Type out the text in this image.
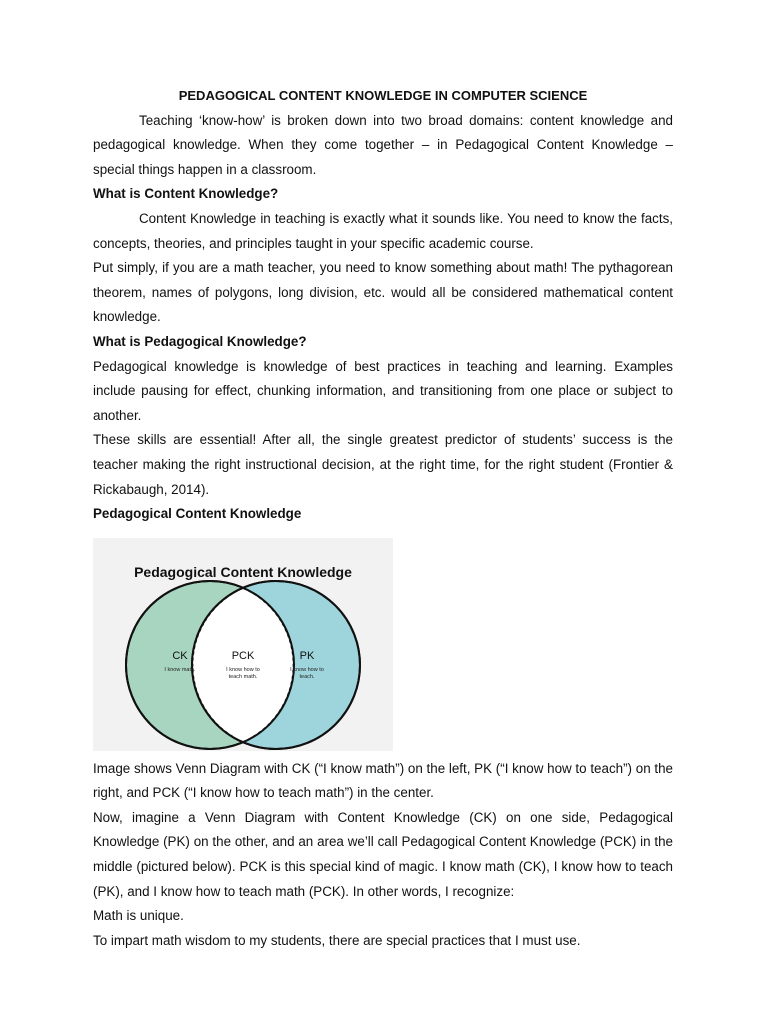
PEDAGOGICAL CONTENT KNOWLEDGE IN COMPUTER SCIENCE

Teaching ‘know-how’ is broken down into two broad domains: content knowledge and pedagogical knowledge. When they come together – in Pedagogical Content Knowledge – special things happen in a classroom.

What is Content Knowledge?

Content Knowledge in teaching is exactly what it sounds like. You need to know the facts, concepts, theories, and principles taught in your specific academic course.

Put simply, if you are a math teacher, you need to know something about math! The pythagorean theorem, names of polygons, long division, etc. would all be considered mathematical content knowledge.

What is Pedagogical Knowledge?

Pedagogical knowledge is knowledge of best practices in teaching and learning. Examples include pausing for effect, chunking information, and transitioning from one place or subject to another.

These skills are essential! After all, the single greatest predictor of students’ success is the teacher making the right instructional decision, at the right time, for the right student (Frontier & Rickabaugh, 2014).

Pedagogical Content Knowledge

Pedagogical Content Knowledge
CK
I know math.
PCK
I know how to
teach math.
PK
I know how to
teach.

Image shows Venn Diagram with CK (“I know math”) on the left, PK (“I know how to teach”) on the right, and PCK (“I know how to teach math”) in the center.

Now, imagine a Venn Diagram with Content Knowledge (CK) on one side, Pedagogical Knowledge (PK) on the other, and an area we’ll call Pedagogical Content Knowledge (PCK) in the middle (pictured below). PCK is this special kind of magic. I know math (CK), I know how to teach (PK), and I know how to teach math (PCK). In other words, I recognize:

Math is unique.

To impart math wisdom to my students, there are special practices that I must use.
